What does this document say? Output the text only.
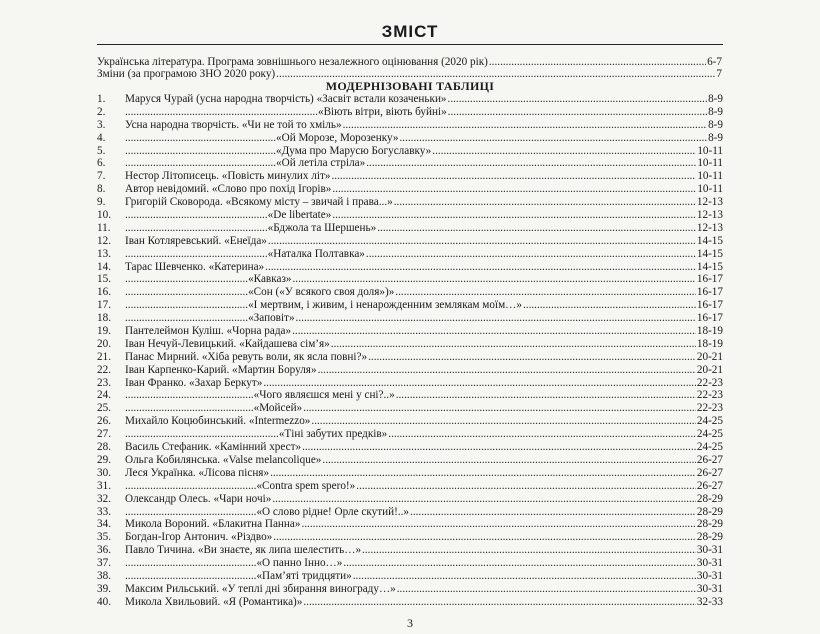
ЗМІСТ
Українська література. Програма зовнішнього незалежного оцінювання (2020 рік) .....	6-7
Зміни (за програмою ЗНО 2020 року) .....	7
МОДЕРНІЗОВАНІ ТАБЛИЦІ
1.	Маруся Чурай (усна народна творчість) «Засвіт встали козаченьки» .....	8-9
2.	.....................................................................«Віють вітри, віють буйні» .....	8-9
3.	Усна народна творчість. «Чи не той то хміль» .....	8-9
4.	......................................................«Ой Морозе, Морозенку» .....	8-9
5.	......................................................«Дума про Марусю Богуславку» .....	10-11
6.	......................................................«Ой летіла стріла» .....	10-11
7.	Нестор Літописець. «Повість минулих літ» .....	10-11
8.	Автор невідомий. «Слово про похід Ігорів» .....	10-11
9.	Григорій Сковорода. «Всякому місту – звичай і права...» .....	12-13
10.	...................................................«De libertate» .....	12-13
11.	...................................................«Бджола та Шершень» .....	12-13
12.	Іван Котляревський. «Енеїда» .....	14-15
13.	...................................................«Наталка Полтавка» .....	14-15
14.	Тарас Шевченко. «Катерина» .....	14-15
15.	............................................«Кавказ» .....	16-17
16.	............................................«Сон («У всякого своя доля»)» .....	16-17
17.	............................................«І мертвим, і живим, і ненарожденним землякам моїм…» .....	16-17
18.	............................................«Заповіт» .....	16-17
19.	Пантелеймон Куліш. «Чорна рада» .....	18-19
20.	Іван Нечуй-Левицький. «Кайдашева сім’я» .....	18-19
21.	Панас Мирний. «Хіба ревуть воли, як ясла повні?» .....	20-21
22.	Іван Карпенко-Карий. «Мартин Боруля» .....	20-21
23.	Іван Франко. «Захар Беркут» .....	22-23
24.	..............................................«Чого являєшся мені у сні?..» .....	22-23
25.	..............................................«Мойсей» .....	22-23
26.	Михайло Коцюбинський. «Intermezzo» .....	24-25
27.	.......................................................«Тіні забутих предків» .....	24-25
28.	Василь Стефаник. «Камінний хрест» .....	24-25
29.	Ольга Кобилянська. «Valse melancolique» .....	26-27
30.	Леся Українка. «Лісова пісня» .....	26-27
31.	...............................................«Contra spem spero!» .....	26-27
32.	Олександр Олесь. «Чари ночі» .....	28-29
33.	...............................................«О слово рідне! Орле скутий!..» .....	28-29
34.	Микола Вороний. «Блакитна Панна» .....	28-29
35.	Богдан-Ігор Антонич. «Різдво» .....	28-29
36.	Павло Тичина. «Ви знаєте, як липа шелестить…» .....	30-31
37.	...............................................«О панно Інно…» .....	30-31
38.	...............................................«Пам’яті тридцяти» .....	30-31
39.	Максим Рильський. «У теплі дні збирання винограду…» .....	30-31
40.	Микола Хвильовий. «Я (Романтика)» .....	32-33
3
